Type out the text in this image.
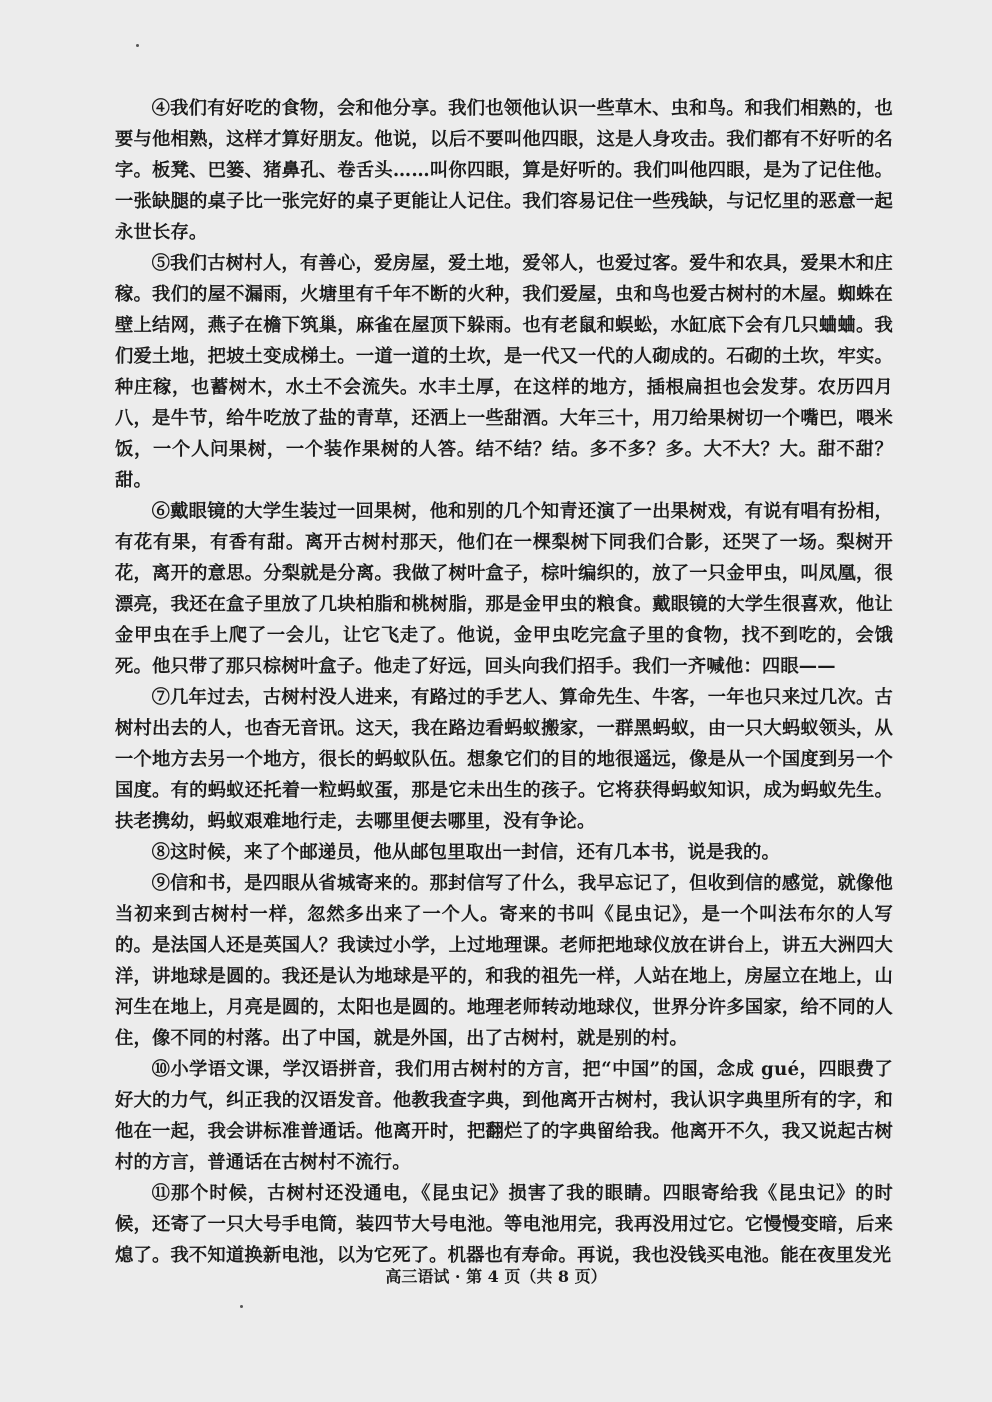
④我们有好吃的食物，会和他分享。我们也领他认识一些草木、虫和鸟。和我们相熟的，也要与他相熟，这样才算好朋友。他说，以后不要叫他四眼，这是人身攻击。我们都有不好听的名字。板凳、巴篓、猪鼻孔、卷舌头……叫你四眼，算是好听的。我们叫他四眼，是为了记住他。一张缺腿的桌子比一张完好的桌子更能让人记住。我们容易记住一些残缺，与记忆里的恶意一起永世长存。

⑤我们古树村人，有善心，爱房屋，爱土地，爱邻人，也爱过客。爱牛和农具，爱果木和庄稼。我们的屋不漏雨，火塘里有千年不断的火种，我们爱屋，虫和鸟也爱古树村的木屋。蜘蛛在壁上结网，燕子在檐下筑巢，麻雀在屋顶下躲雨。也有老鼠和蜈蚣，水缸底下会有几只蛐蛐。我们爱土地，把坡土变成梯土。一道一道的土坎，是一代又一代的人砌成的。石砌的土坎，牢实。种庄稼，也蓄树木，水土不会流失。水丰土厚，在这样的地方，插根扁担也会发芽。农历四月八，是牛节，给牛吃放了盐的青草，还洒上一些甜酒。大年三十，用刀给果树切一个嘴巴，喂米饭，一个人问果树，一个装作果树的人答。结不结？结。多不多？多。大不大？大。甜不甜？甜。

⑥戴眼镜的大学生装过一回果树，他和别的几个知青还演了一出果树戏，有说有唱有扮相，有花有果，有香有甜。离开古树村那天，他们在一棵梨树下同我们合影，还哭了一场。梨树开花，离开的意思。分梨就是分离。我做了树叶盒子，棕叶编织的，放了一只金甲虫，叫凤凰，很漂亮，我还在盒子里放了几块柏脂和桃树脂，那是金甲虫的粮食。戴眼镜的大学生很喜欢，他让金甲虫在手上爬了一会儿，让它飞走了。他说，金甲虫吃完盒子里的食物，找不到吃的，会饿死。他只带了那只棕树叶盒子。他走了好远，回头向我们招手。我们一齐喊他：四眼——

⑦几年过去，古树村没人进来，有路过的手艺人、算命先生、牛客，一年也只来过几次。古树村出去的人，也杳无音讯。这天，我在路边看蚂蚁搬家，一群黑蚂蚁，由一只大蚂蚁领头，从一个地方去另一个地方，很长的蚂蚁队伍。想象它们的目的地很遥远，像是从一个国度到另一个国度。有的蚂蚁还托着一粒蚂蚁蛋，那是它未出生的孩子。它将获得蚂蚁知识，成为蚂蚁先生。扶老携幼，蚂蚁艰难地行走，去哪里便去哪里，没有争论。

⑧这时候，来了个邮递员，他从邮包里取出一封信，还有几本书，说是我的。

⑨信和书，是四眼从省城寄来的。那封信写了什么，我早忘记了，但收到信的感觉，就像他当初来到古树村一样，忽然多出来了一个人。寄来的书叫《昆虫记》，是一个叫法布尔的人写的。是法国人还是英国人？我读过小学，上过地理课。老师把地球仪放在讲台上，讲五大洲四大洋，讲地球是圆的。我还是认为地球是平的，和我的祖先一样，人站在地上，房屋立在地上，山河生在地上，月亮是圆的，太阳也是圆的。地理老师转动地球仪，世界分许多国家，给不同的人住，像不同的村落。出了中国，就是外国，出了古树村，就是别的村。

⑩小学语文课，学汉语拼音，我们用古树村的方言，把“中国”的国，念成 gué，四眼费了好大的力气，纠正我的汉语发音。他教我查字典，到他离开古树村，我认识字典里所有的字，和他在一起，我会讲标准普通话。他离开时，把翻烂了的字典留给我。他离开不久，我又说起古树村的方言，普通话在古树村不流行。

⑪那个时候，古树村还没通电，《昆虫记》损害了我的眼睛。四眼寄给我《昆虫记》的时候，还寄了一只大号手电筒，装四节大号电池。等电池用完，我再没用过它。它慢慢变暗，后来熄了。我不知道换新电池，以为它死了。机器也有寿命。再说，我也没钱买电池。能在夜里发光

高三语试 · 第 4 页（共 8 页）
